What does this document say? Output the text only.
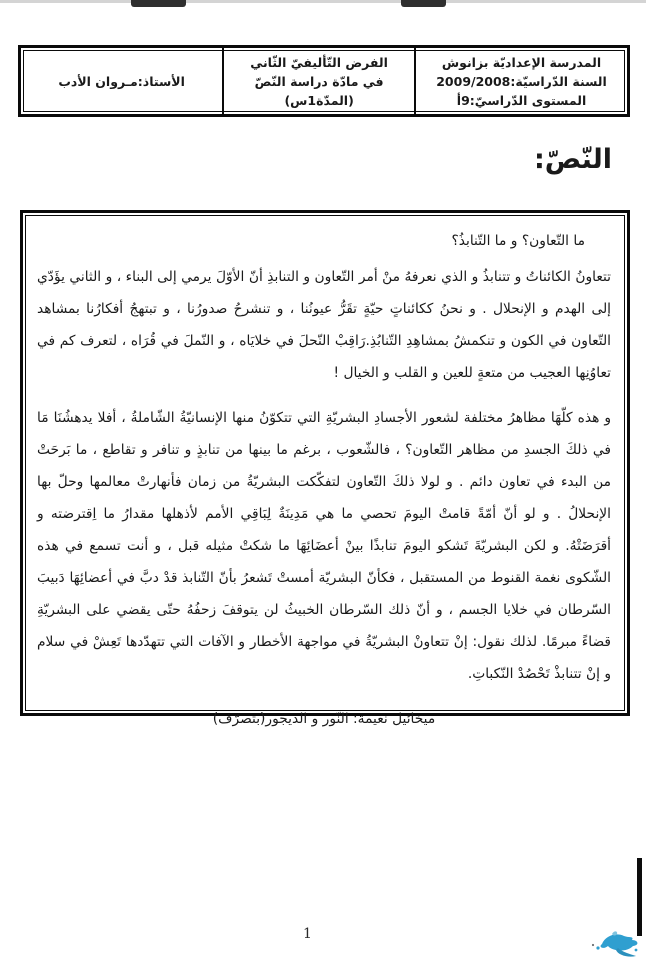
المدرسة الإعداديّة بزانوش
السنة الدّراسيّة:2009/2008
المستوى الدّراسيّ:9أ
الفرض التّأليفيّ الثّاني
في مادّة دراسة النّصّ
(المدّة1س)
الأستاذ:مـروان الأدب
النّصّ:

ما التّعاون؟ و ما التّنابذُ؟

تتعاونُ الكائناتُ و تتنابذُ و الذي نعرفهُ منْ أمر التّعاون و التنابذِ أنّ الأوّلَ يرمي إلى البناء ، و الثاني يؤَدّي إلى الهدم و الإنحلال . و نحنُ ككائناتٍ حيّةٍ تقَرُّ عيونُنا ، و تنشرحُ صدورُنا ، و تبتهجُ أفكارُنا بمشاهد التّعاون في الكون و تنكمشُ بمشاهِدِ التّنابُذِ.رَاقِبْ النّحلَ في خلايَاه ، و النّملَ في قُرَاه ، لتعرف كم في تعاوُنِها العجيب من متعةٍ للعين و القلب و الخيال !

و هذه كلّهَا مظاهرُ مختلفة لشعور الأجسادِ البشريّةِ التي تتكوّنُ منها الإنسانيّةُ الشّاملةُ ، أفلا يدهشُنَا مَا في ذلكَ الجسدِ من مظاهر التّعاون؟ ، فالشّعوب ، برغم ما بينها من تنابذٍ و تنافر و تقاطع ، ما بَرحَتْ من البدء في تعاون دائم . و لولا ذلكَ التّعاون لتفكّكت البشريّةُ من زمان فأنهارتْ معالمها وحلّ بها الإنحلالُ . و لو أنّ أمّةً قامتْ اليومَ تحصي ما هي مَدِينَةٌ لِبَاقِي الأمم لأذهلها مقدارُ ما اِقترضته و أقرَضَتْهُ. و لكن البشريّةَ تَشكو اليومَ تنابذًا بينْ أعضَائِهَا ما شكتْ مثيله قبل ، و أنت تسمع في هذه الشّكوى نغمة القنوط من المستقبل ، فكأنّ البشريّة أمستْ تَشعرُ بأنّ التّنابذ قدْ دبَّ في أعضائِهَا دَبيبَ السّرطان في خلايا الجسم ، و أنّ ذلك السّرطان الخبيثُ لن يتوقفَ زحفُهُ حتّى يقضي على البشريّةِ قضاءً مبرمًا. لذلك نقول: إنْ تتعاونْ البشريّةُ في مواجهة الأخطار و الآفات التي تتهدّدها تَعِشْ في سلام و إنْ تتنابذْ تَحْصُدْ النّكباتِ.

ميخائيل نعيمة: النّور و الديجور(بتصرّف)

1
